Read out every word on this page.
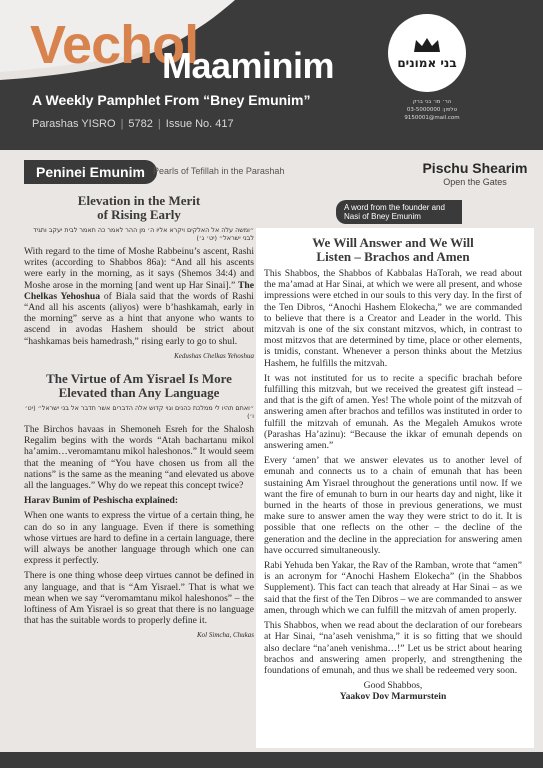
Vechol
Maaminim
A Weekly Pamphlet From “Bney Emunim”
Parashas YISRO | 5782 | Issue No. 417
בני אמונים
הר׳ מו׳ בני ברק
טלפון: 03-5000000
9150001@mail.com
Peninei Emunim Pearls of Tefillah in the Parashah	Pischu Shearim
Open the Gates
A word from the founder and Nasi of Bney Emunim
Elevation in the Merit
of Rising Early
״ומשה עלה אל האלקים ויקרא אליו ה׳ מן ההר לאמר כה תאמר לבית יעקב ותגיד לבני ישראל״ (יט׳ ג׳)

With regard to the time of Moshe Rabbeinu’s ascent, Rashi writes (according to Shabbos 86a): “And all his ascents were early in the morning, as it says (Shemos 34:4) and Moshe arose in the morning [and went up Har Sinai].” The Chelkas Yehoshua of Biala said that the words of Rashi “And all his ascents (aliyos) were b’hashkamah, early in the morning” serve as a hint that anyone who wants to ascend in avodas Hashem should be strict about “hashkamas beis hamedrash,” rising early to go to shul.

Kedushas Chelkas Yehoshua
The Virtue of Am Yisrael Is More
Elevated than Any Language
״ואתם תהיו לי ממלכת כהנים וגוי קדוש אלה הדברים אשר תדבר אל בני ישראל״ (יט׳ ו׳)

The Birchos havaas in Shemoneh Esreh for the Shalosh Regalim begins with the words “Atah bachartanu mikol ha’amim…veromamtanu mikol haleshonos.” It would seem that the meaning of “You have chosen us from all the nations” is the same as the meaning “and elevated us above all the languages.” Why do we repeat this concept twice?

Harav Bunim of Peshischa explained:

When one wants to express the virtue of a certain thing, he can do so in any language. Even if there is something whose virtues are hard to define in a certain language, there will always be another language through which one can express it perfectly.

There is one thing whose deep virtues cannot be defined in any language, and that is “Am Yisrael.” That is what we mean when we say “veromamtanu mikol haleshonos” – the loftiness of Am Yisrael is so great that there is no language that has the suitable words to properly define it.

Kol Simcha, Chukas
We Will Answer and We Will
Listen – Brachos and Amen

This Shabbos, the Shabbos of Kabbalas HaTorah, we read about the ma’amad at Har Sinai, at which we were all present, and whose impressions were etched in our souls to this very day. In the first of the Ten Dibros, “Anochi Hashem Elokecha,” we are commanded to believe that there is a Creator and Leader in the world. This mitzvah is one of the six constant mitzvos, which, in contrast to most mitzvos that are determined by time, place or other elements, is tmidis, constant. Whenever a person thinks about the Metzius Hashem, he fulfills the mitzvah.

It was not instituted for us to recite a specific brachah before fulfilling this mitzvah, but we received the greatest gift instead – and that is the gift of amen. Yes! The whole point of the mitzvah of answering amen after brachos and tefillos was instituted in order to fulfill the mitzvah of emunah. As the Megaleh Amukos wrote (Parashas Ha’azinu): “Because the ikkar of emunah depends on answering amen.”

Every ‘amen’ that we answer elevates us to another level of emunah and connects us to a chain of emunah that has been sustaining Am Yisrael throughout the generations until now. If we want the fire of emunah to burn in our hearts day and night, like it burned in the hearts of those in previous generations, we must make sure to answer amen the way they were strict to do it. It is possible that one reflects on the other – the decline of the generation and the decline in the appreciation for answering amen have occurred simultaneously.

Rabi Yehuda ben Yakar, the Rav of the Ramban, wrote that “amen” is an acronym for “Anochi Hashem Elokecha” (in the Shabbos Supplement). This fact can teach that already at Har Sinai – as we said that the first of the Ten Dibros – we are commanded to answer amen, through which we can fulfill the mitzvah of amen properly.

This Shabbos, when we read about the declaration of our forebears at Har Sinai, “na’aseh venishma,” it is so fitting that we should also declare “na’aneh venishma…!” Let us be strict about hearing brachos and answering amen properly, and strengthening the foundations of emunah, and thus we shall be redeemed very soon.

Good Shabbos,
Yaakov Dov Marmurstein
